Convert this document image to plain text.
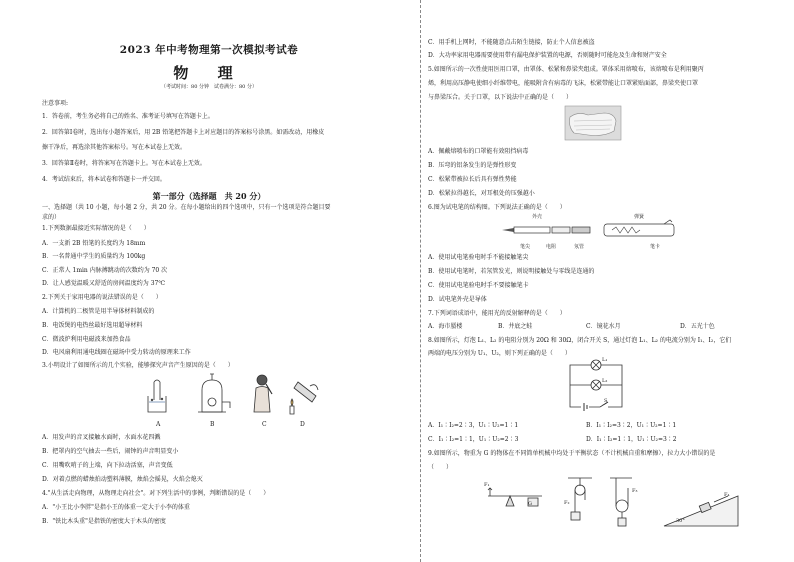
2023 年中考物理第一次模拟考试卷
物 理
（考试时间：80 分钟　试卷满分：80 分）
注意事项:
1．答卷前，考生务必将自己的姓名、准考证号填写在答题卡上。
2．回答第Ⅰ卷时，选出每小题答案后，用 2B 铅笔把答题卡上对应题目的答案标号涂黑。如需改动，用橡皮
擦干净后，再选涂其他答案标号。写在本试卷上无效。
3．回答第Ⅱ卷时，将答案写在答题卡上。写在本试卷上无效。
4．考试结束后，将本试卷和答题卡一并交回。
第一部分（选择题　共 20 分）
一、选择题（共 10 小题，每小题 2 分，共 20 分。在每小题给出的四个选项中，只有一个选项是符合题目要
求的）
1.下列数据最接近实际情况的是（　　）
A．一支新 2B 铅笔的长度约为 18mm
B．一名普通中学生的质量约为 100kg
C．正常人 1min 内脉搏跳动的次数约为 70 次
D．让人感觉温暖又舒适的房间温度约为 37℃
2.下列关于家用电器的说法错误的是（　　）
A．计算机的二极管是用半导体材料制成的
B．电饭煲的电热丝最好选用超导材料
C．微波炉利用电磁波来加热食品
D．电风扇利用通电线圈在磁场中受力转动的原理来工作
3.小明设计了如图所示的几个实验，能够探究声音产生原因的是（　　）
A	B	C	D
A．用发声的音叉接触水面时，水面水花四溅
B．把罩内的空气抽去一些后，闹钟的声音明显变小
C．用嘴吹哨子的上端，向下拉动活塞，声音变低
D．对着点燃的蜡烛拍动塑料薄膜，烛焰会摇晃，火焰会熄灭
4."从生活走向物理，从物理走向社会"。对下列生活中的事例，判断错误的是（　　）
A．"小王比小李胖"是指小王的体重一定大于小李的体重
B．"铁比木头重"是指铁的密度大于木头的密度
C．用手机上网时，不能随意点击陌生链接，防止个人信息被盗
D．大功率家用电器需要使用带有漏电保护装置的电源，否则随时可能危及生命和财产安全
5.如图所示的一次性使用医用口罩，由罩体、松紧和鼻梁夹组成。罩体采用熔喷布，该熔喷布是利用聚丙
烯，利用高压静电使细小纤维带电，能吸附含有病毒的飞沫，松紧带能让口罩紧贴面部，鼻梁夹使口罩
与鼻梁压合。关于口罩，以下说法中正确的是（　　）
A．佩戴熔喷布的口罩能有效阻挡病毒
B．压弯的铝条发生的是弹性形变
C．松紧带被拉长后具有弹性势能
D．松紧拉得越长，对耳根处的压强越小
6.图为试电笔的结构图。下列说法正确的是（　　）
笔尖	电阻	氖管
弹簧
笔卡
外壳
A．使用试电笔验电时手不能接触笔尖
B．使用试电笔时，若氖管发光，则说明接触处与零线是连通的
C．使用试电笔验电时手不要接触笔卡
D．试电笔外壳是导体
7.下列词语成语中，能用光的反射解释的是（　　）
A．海市蜃楼	B．井底之蛙	C．镜花水月	D．五光十色
8.如图所示，灯泡 L₁、L₂ 的电阻分别为 20Ω 和 30Ω，闭合开关 S，通过灯泡 L₁、L₂ 的电流分别为 I₁、I₂，它们
两端的电压分别为 U₁、U₂，则下列正确的是（　　）
L₁
L₂
S
A．I₁∶I₂=2∶3，U₁∶U₂=1∶1	B．I₁∶I₂=3∶2，U₁∶U₂=1∶1
C．I₁∶I₂=1∶1，U₁∶U₂=2∶3	D．I₁∶I₂=1∶1，U₁∶U₂=3∶2
9.如图所示，物重为 G 的物体在不同简单机械中均处于平衡状态（不计机械自重和摩擦），拉力大小错误的是
（　　）
F₁
F₂
F₃
F₄
G
30°
